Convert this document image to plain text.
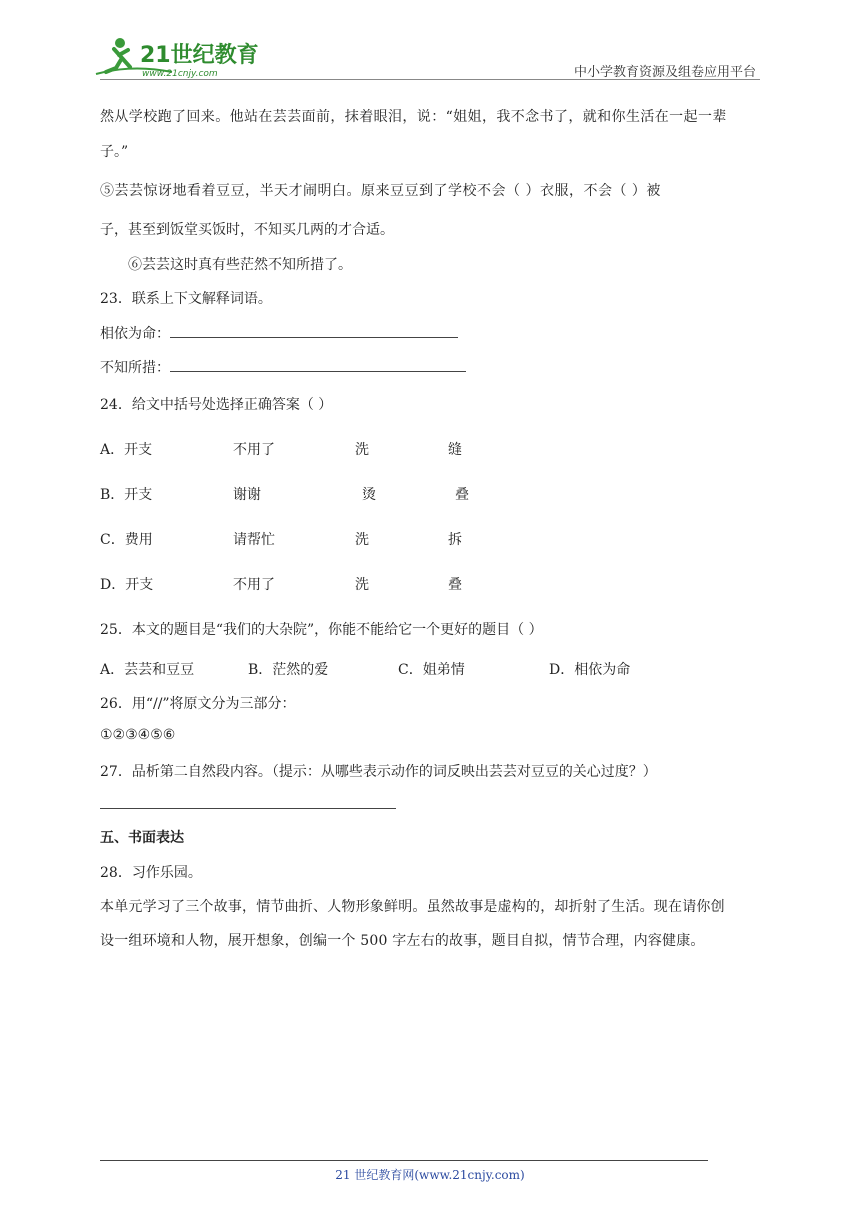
21世纪教育
www.21cnjy.com	中小学教育资源及组卷应用平台
然从学校跑了回来。他站在芸芸面前，抹着眼泪，说：“姐姐，我不念书了，就和你生活在一起一辈
子。”
⑤芸芸惊讶地看着豆豆，半天才闹明白。原来豆豆到了学校不会（ ）衣服，不会（ ）被
子，甚至到饭堂买饭时，不知买几两的才合适。
⑥芸芸这时真有些茫然不知所措了。
23．联系上下文解释词语。
相依为命：
不知所措：
24．给文中括号处选择正确答案（ ）
A．开支	不用了	洗	缝
B．开支	谢谢	烫	叠
C．费用	请帮忙	洗	拆
D．开支	不用了	洗	叠
25．本文的题目是“我们的大杂院”，你能不能给它一个更好的题目（ ）
A．芸芸和豆豆	B．茫然的爱	C．姐弟情	D．相依为命
26．用“//”将原文分为三部分：
①②③④⑤⑥
27．品析第二自然段内容。（提示：从哪些表示动作的词反映出芸芸对豆豆的关心过度？）
五、书面表达
28．习作乐园。
本单元学习了三个故事，情节曲折、人物形象鲜明。虽然故事是虚构的，却折射了生活。现在请你创
设一组环境和人物，展开想象，创编一个 500 字左右的故事，题目自拟，情节合理，内容健康。
21 世纪教育网(www.21cnjy.com)
